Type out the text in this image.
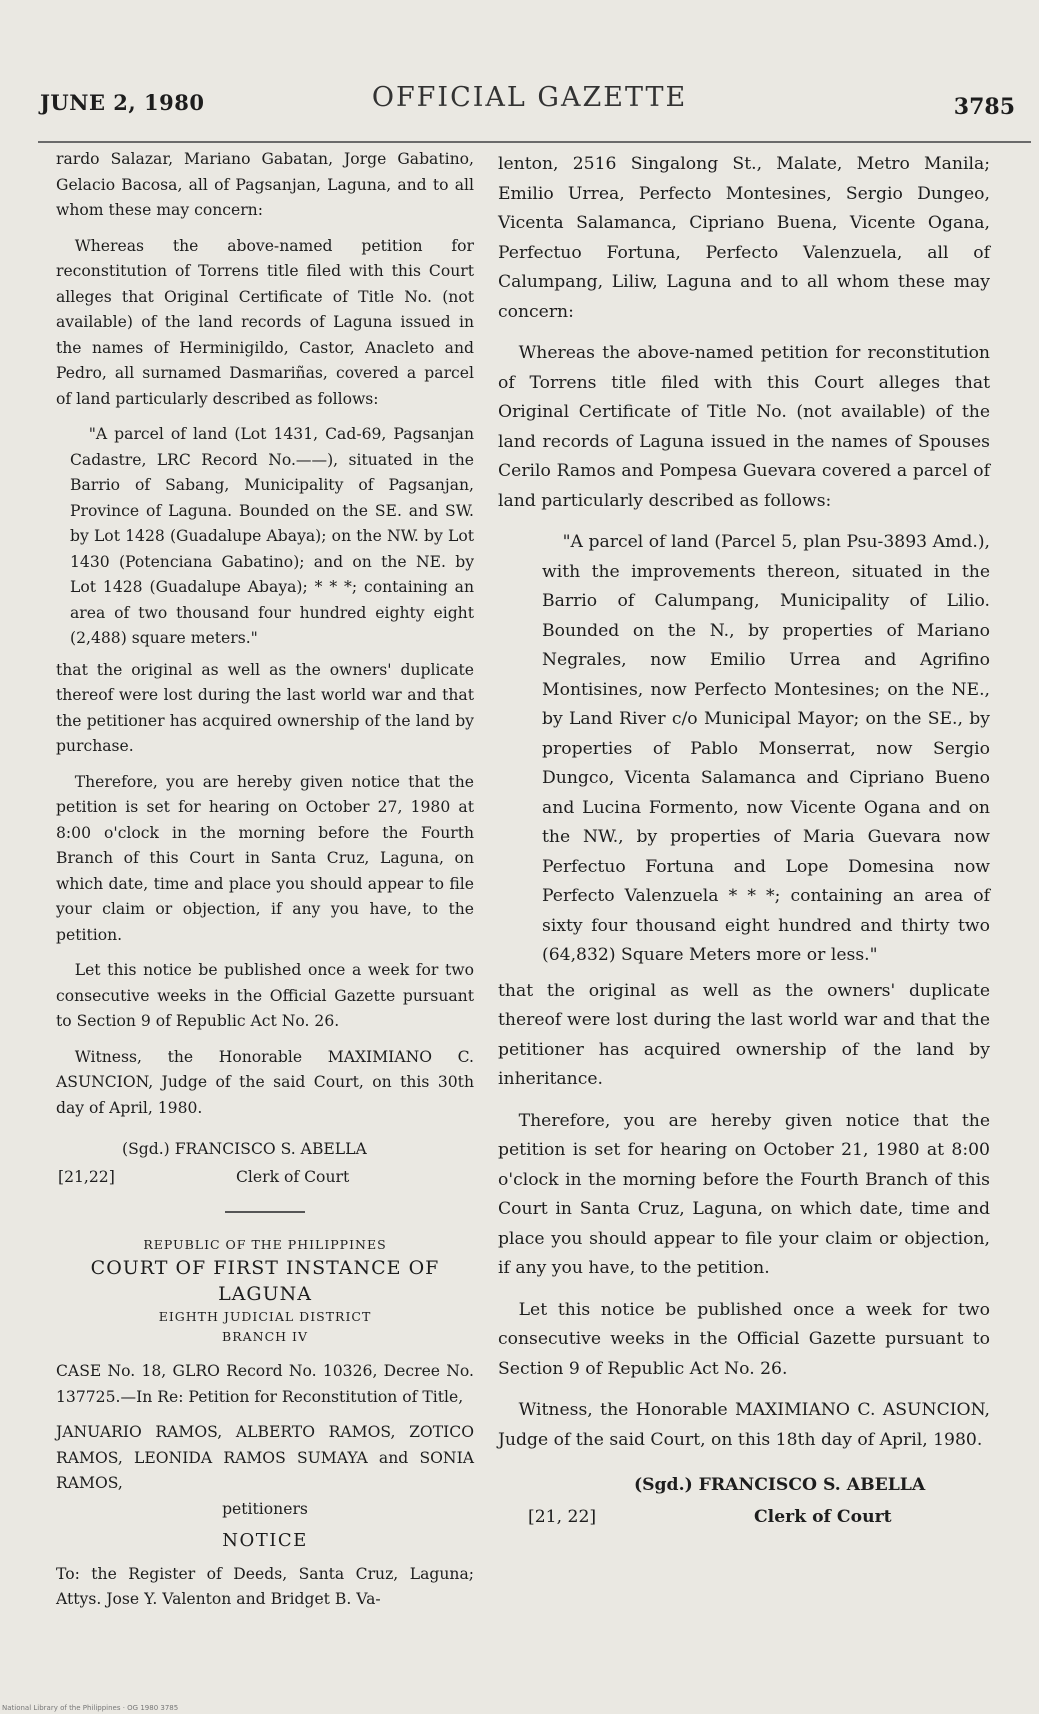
JUNE 2, 1980	OFFICIAL GAZETTE	3785

rardo Salazar, Mariano Gabatan, Jorge Gabatino, Gelacio Bacosa, all of Pagsanjan, Laguna, and to all whom these may concern:

Whereas the above-named petition for reconstitution of Torrens title filed with this Court alleges that Original Certificate of Title No. (not available) of the land records of Laguna issued in the names of Herminigildo, Castor, Anacleto and Pedro, all surnamed Dasmariñas, covered a parcel of land particularly described as follows:

"A parcel of land (Lot 1431, Cad-69, Pagsanjan Cadastre, LRC Record No.——), situated in the Barrio of Sabang, Municipality of Pagsanjan, Province of Laguna. Bounded on the SE. and SW. by Lot 1428 (Guadalupe Abaya); on the NW. by Lot 1430 (Potenciana Gabatino); and on the NE. by Lot 1428 (Guadalupe Abaya); * * *; containing an area of two thousand four hundred eighty eight (2,488) square meters."

that the original as well as the owners' duplicate thereof were lost during the last world war and that the petitioner has acquired ownership of the land by purchase.

Therefore, you are hereby given notice that the petition is set for hearing on October 27, 1980 at 8:00 o'clock in the morning before the Fourth Branch of this Court in Santa Cruz, Laguna, on which date, time and place you should appear to file your claim or objection, if any you have, to the petition.

Let this notice be published once a week for two consecutive weeks in the Official Gazette pursuant to Section 9 of Republic Act No. 26.

Witness, the Honorable MAXIMIANO C. ASUNCION, Judge of the said Court, on this 30th day of April, 1980.

(Sgd.) FRANCISCO S. ABELLA
[21,22]	Clerk of Court

REPUBLIC OF THE PHILIPPINES

COURT OF FIRST INSTANCE OF LAGUNA

EIGHTH JUDICIAL DISTRICT

BRANCH IV

CASE No. 18, GLRO Record No. 10326, Decree No. 137725.—In Re: Petition for Reconstitution of Title,

JANUARIO RAMOS, ALBERTO RAMOS, ZOTICO RAMOS, LEONIDA RAMOS SUMAYA and SONIA RAMOS,

petitioners

NOTICE

To: the Register of Deeds, Santa Cruz, Laguna; Attys. Jose Y. Valenton and Bridget B. Va-

lenton, 2516 Singalong St., Malate, Metro Manila; Emilio Urrea, Perfecto Montesines, Sergio Dungeo, Vicenta Salamanca, Cipriano Buena, Vicente Ogana, Perfectuo Fortuna, Perfecto Valenzuela, all of Calumpang, Liliw, Laguna and to all whom these may concern:

Whereas the above-named petition for reconstitution of Torrens title filed with this Court alleges that Original Certificate of Title No. (not available) of the land records of Laguna issued in the names of Spouses Cerilo Ramos and Pompesa Guevara covered a parcel of land particularly described as follows:

"A parcel of land (Parcel 5, plan Psu-3893 Amd.), with the improvements thereon, situated in the Barrio of Calumpang, Municipality of Lilio. Bounded on the N., by properties of Mariano Negrales, now Emilio Urrea and Agrifino Montisines, now Perfecto Montesines; on the NE., by Land River c/o Municipal Mayor; on the SE., by properties of Pablo Monserrat, now Sergio Dungco, Vicenta Salamanca and Cipriano Bueno and Lucina Formento, now Vicente Ogana and on the NW., by properties of Maria Guevara now Perfectuo Fortuna and Lope Domesina now Perfecto Valenzuela * * *; containing an area of sixty four thousand eight hundred and thirty two (64,832) Square Meters more or less."

that the original as well as the owners' duplicate thereof were lost during the last world war and that the petitioner has acquired ownership of the land by inheritance.

Therefore, you are hereby given notice that the petition is set for hearing on October 21, 1980 at 8:00 o'clock in the morning before the Fourth Branch of this Court in Santa Cruz, Laguna, on which date, time and place you should appear to file your claim or objection, if any you have, to the petition.

Let this notice be published once a week for two consecutive weeks in the Official Gazette pursuant to Section 9 of Republic Act No. 26.

Witness, the Honorable MAXIMIANO C. ASUNCION, Judge of the said Court, on this 18th day of April, 1980.

(Sgd.) FRANCISCO S. ABELLA
[21, 22]	Clerk of Court
National Library of the Philippines · OG 1980 3785
